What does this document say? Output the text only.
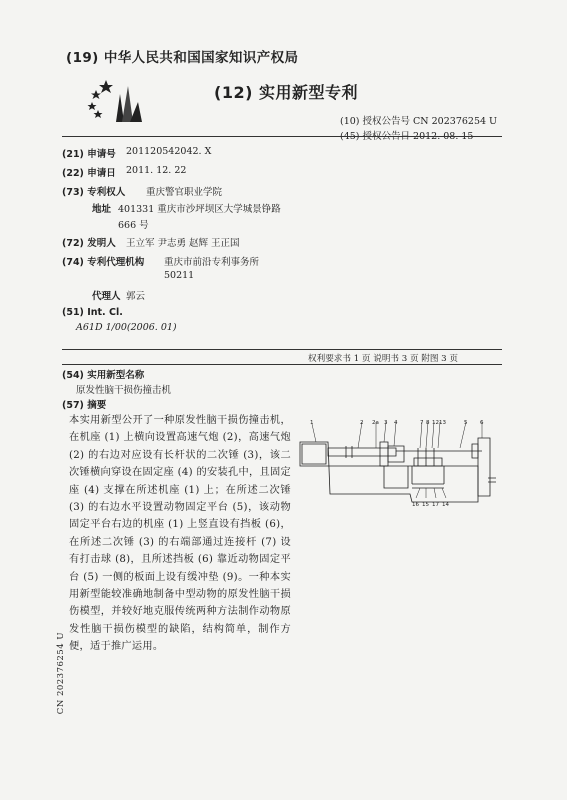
(19) 中华人民共和国国家知识产权局
(12) 实用新型专利
(10) 授权公告号 CN 202376254 U
(21) 申请号 201120542042. X
(22) 申请日 2011. 12. 22
(73) 专利权人 重庆警官职业学院
地址 401331 重庆市沙坪坝区大学城景铮路
666 号
(72) 发明人 王立军 尹志勇 赵辉 王正国
(74) 专利代理机构 重庆市前沿专利事务所
50211
代理人 郭云
(51) Int. Cl.
A61D 1/00(2006. 01)
权利要求书 1 页 说明书 3 页 附图 3 页
(54) 实用新型名称
原发性脑干损伤撞击机
(57) 摘要
本实用新型公开了一种原发性脑干损伤撞击机，在机座 (1) 上横向设置高速气炮 (2)，高速气炮 (2) 的右边对应设有长杆状的二次锤 (3)，该二次锤横向穿设在固定座 (4) 的安装孔中，且固定座 (4) 支撑在所述机座 (1) 上；在所述二次锤 (3) 的右边水平设置动物固定平台 (5)，该动物固定平台右边的机座 (1) 上竖直设有挡板 (6)，在所述二次锤 (3) 的右端部通过连接杆 (7) 设有打击球 (8)，且所述挡板 (6) 靠近动物固定平台 (5) 一侧的板面上设有缓冲垫 (9)。一种本实用新型能较准确地制备中型动物的原发性脑干损伤模型，并较好地克服传统两种方法制作动物原发性脑干损伤模型的缺陷，结构简单，制作方便，适于推广运用。
1	2 2a 3 4	7 8 12 13	5 6
16 15 17 14
CN 202376254 U
